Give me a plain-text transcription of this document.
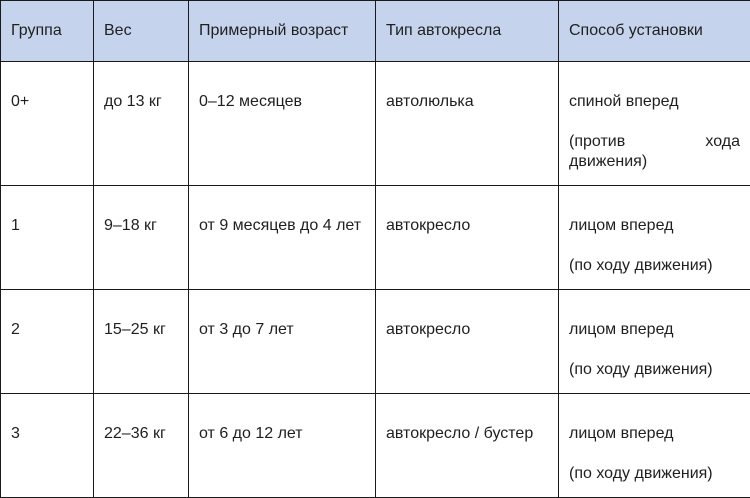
Группа	Вес	Примерный возраст	Тип автокресла	Способ установки
0+	до 13 кг	0–12 месяцев	автолюлька	спиной вперед
(против хода движения)

1	9–18 кг	от 9 месяцев до 4 лет	автокресло	лицом вперед
(по ходу движения)

2	15–25 кг	от 3 до 7 лет	автокресло	лицом вперед
(по ходу движения)

3	22–36 кг	от 6 до 12 лет	автокресло / бустер	лицом вперед
(по ходу движения)
